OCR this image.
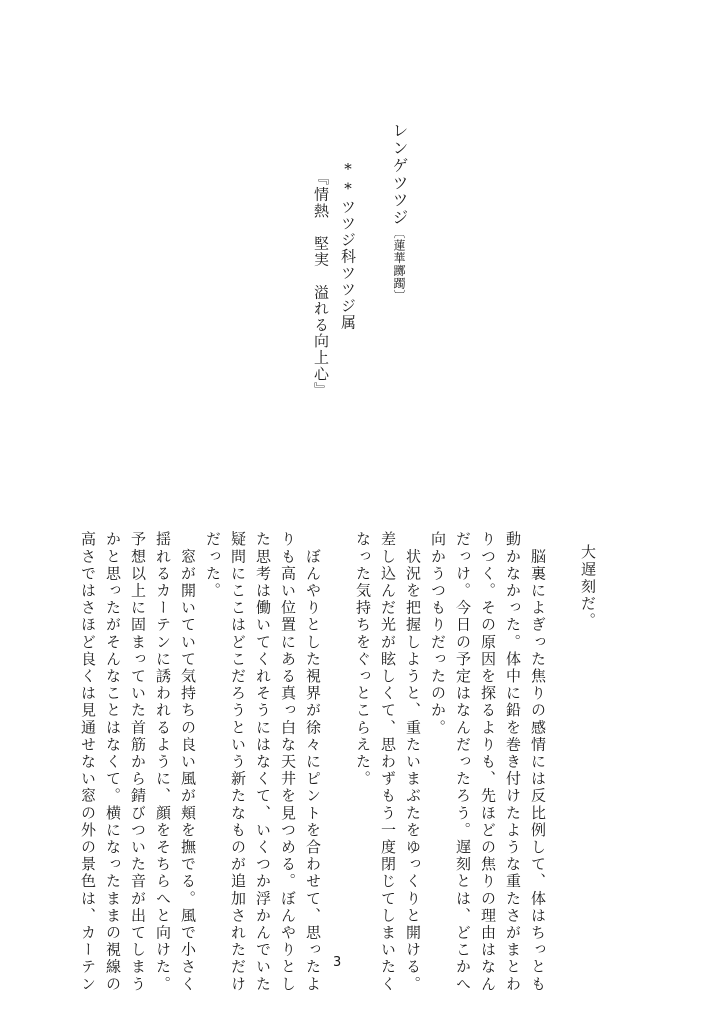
レンゲツツジ〔蓮華躑躅〕
**ツツジ科ツツジ属
『情熱　堅実　溢れる向上心』
大遅刻だ。
　脳裏によぎった焦りの感情には反比例して、体はちっとも
動かなかった。体中に鉛を巻き付けたような重たさがまとわ
りつく。その原因を探るよりも、先ほどの焦りの理由はなん
だっけ。今日の予定はなんだったろう。遅刻とは、どこかへ
向かうつもりだったのか。
　状況を把握しようと、重たいまぶたをゆっくりと開ける。
差し込んだ光が眩しくて、思わずもう一度閉じてしまいたく
なった気持ちをぐっとこらえた。
　ぼんやりとした視界が徐々にピントを合わせて、思ったよ
りも高い位置にある真っ白な天井を見つめる。ぼんやりとし
た思考は働いてくれそうにはなくて、いくつか浮かんでいた
疑問にここはどこだろうという新たなものが追加されただけ
だった。
　窓が開いていて気持ちの良い風が頬を撫でる。風で小さく
揺れるカーテンに誘われるように、顔をそちらへと向けた。
予想以上に固まっていた首筋から錆びついた音が出てしまう
かと思ったがそんなことはなくて。横になったままの視線の
高さではさほど良くは見通せない窓の外の景色は、カーテン	3
